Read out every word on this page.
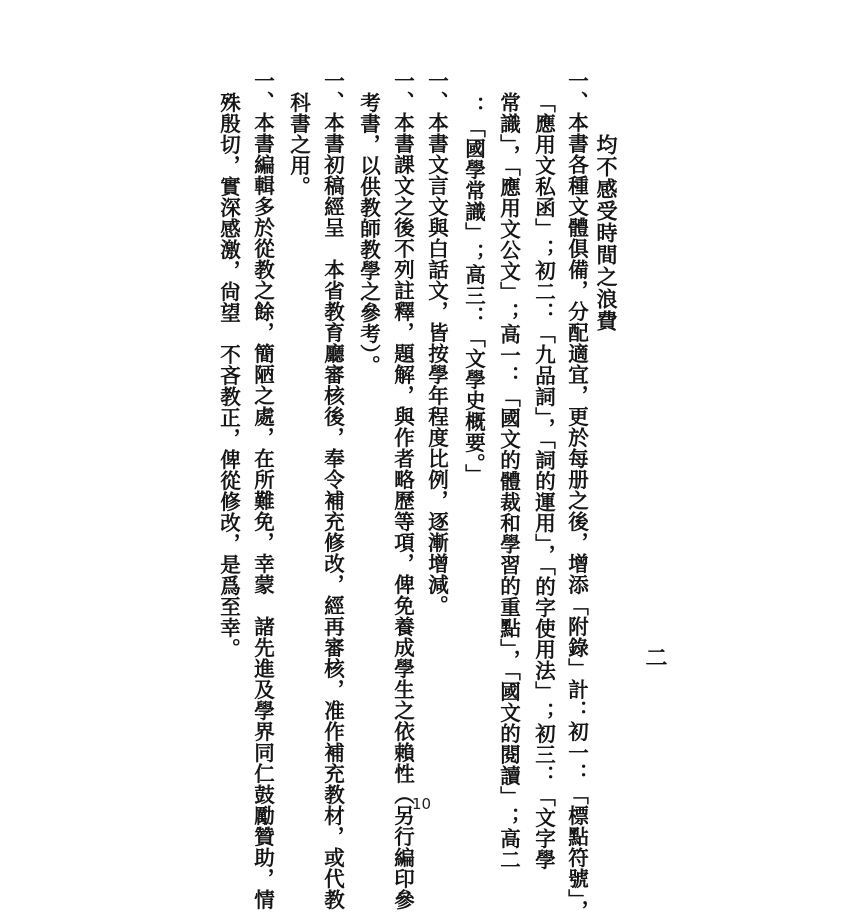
均不感受時間之浪費
二
一、本書各種文體俱備，分配適宜，更於每册之後，增添「附錄」計：初一：「標點符號」，
「應用文私函」；初二：「九品詞」，「詞的運用」，「的字使用法」；初三：「文字學
常識」，「應用文公文」；高一：「國文的體裁和學習的重點」，「國文的閱讀」；高二
：「國學常識」；高三：「文學史概要。」
一、本書文言文與白話文，皆按學年程度比例，逐漸增減。
一、本書課文之後不列註釋，題解，與作者略歷等項，俾免養成學生之依賴性（另行編印參
考書，以供教師教學之參考）。
一、本書初稿經呈　本省教育廳審核後，奉令補充修改，經再審核，准作補充教材，或代教
科書之用。
一、本書編輯多於從教之餘，簡陋之處，在所難免，幸蒙　諸先進及學界同仁鼓勵贊助，情
殊殷切，實深感激，尙望　不吝教正，俾從修改，是爲至幸。
10
